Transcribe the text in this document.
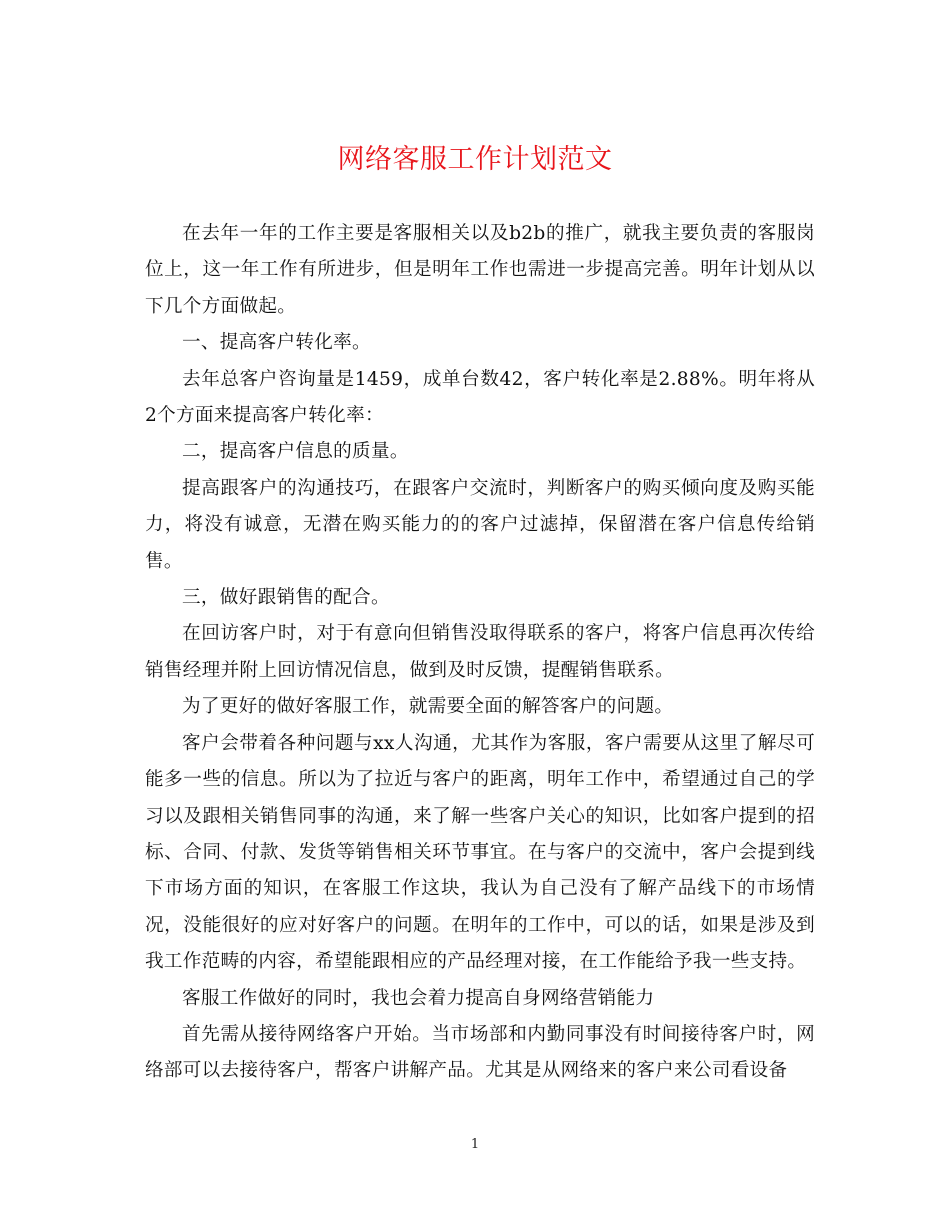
网络客服工作计划范文

在去年一年的工作主要是客服相关以及b2b的推广，就我主要负责的客服岗位上，这一年工作有所进步，但是明年工作也需进一步提高完善。明年计划从以下几个方面做起。

一、提高客户转化率。

去年总客户咨询量是1459，成单台数42，客户转化率是2.88%。明年将从2个方面来提高客户转化率：

二，提高客户信息的质量。

提高跟客户的沟通技巧，在跟客户交流时，判断客户的购买倾向度及购买能力，将没有诚意，无潜在购买能力的的客户过滤掉，保留潜在客户信息传给销售。

三，做好跟销售的配合。

在回访客户时，对于有意向但销售没取得联系的客户，将客户信息再次传给销售经理并附上回访情况信息，做到及时反馈，提醒销售联系。

为了更好的做好客服工作，就需要全面的解答客户的问题。

客户会带着各种问题与xx人沟通，尤其作为客服，客户需要从这里了解尽可能多一些的信息。所以为了拉近与客户的距离，明年工作中，希望通过自己的学习以及跟相关销售同事的沟通，来了解一些客户关心的知识，比如客户提到的招标、合同、付款、发货等销售相关环节事宜。在与客户的交流中，客户会提到线下市场方面的知识，在客服工作这块，我认为自己没有了解产品线下的市场情况，没能很好的应对好客户的问题。在明年的工作中，可以的话，如果是涉及到我工作范畴的内容，希望能跟相应的产品经理对接，在工作能给予我一些支持。

客服工作做好的同时，我也会着力提高自身网络营销能力

首先需从接待网络客户开始。当市场部和内勤同事没有时间接待客户时，网络部可以去接待客户，帮客户讲解产品。尤其是从网络来的客户来公司看设备

1
